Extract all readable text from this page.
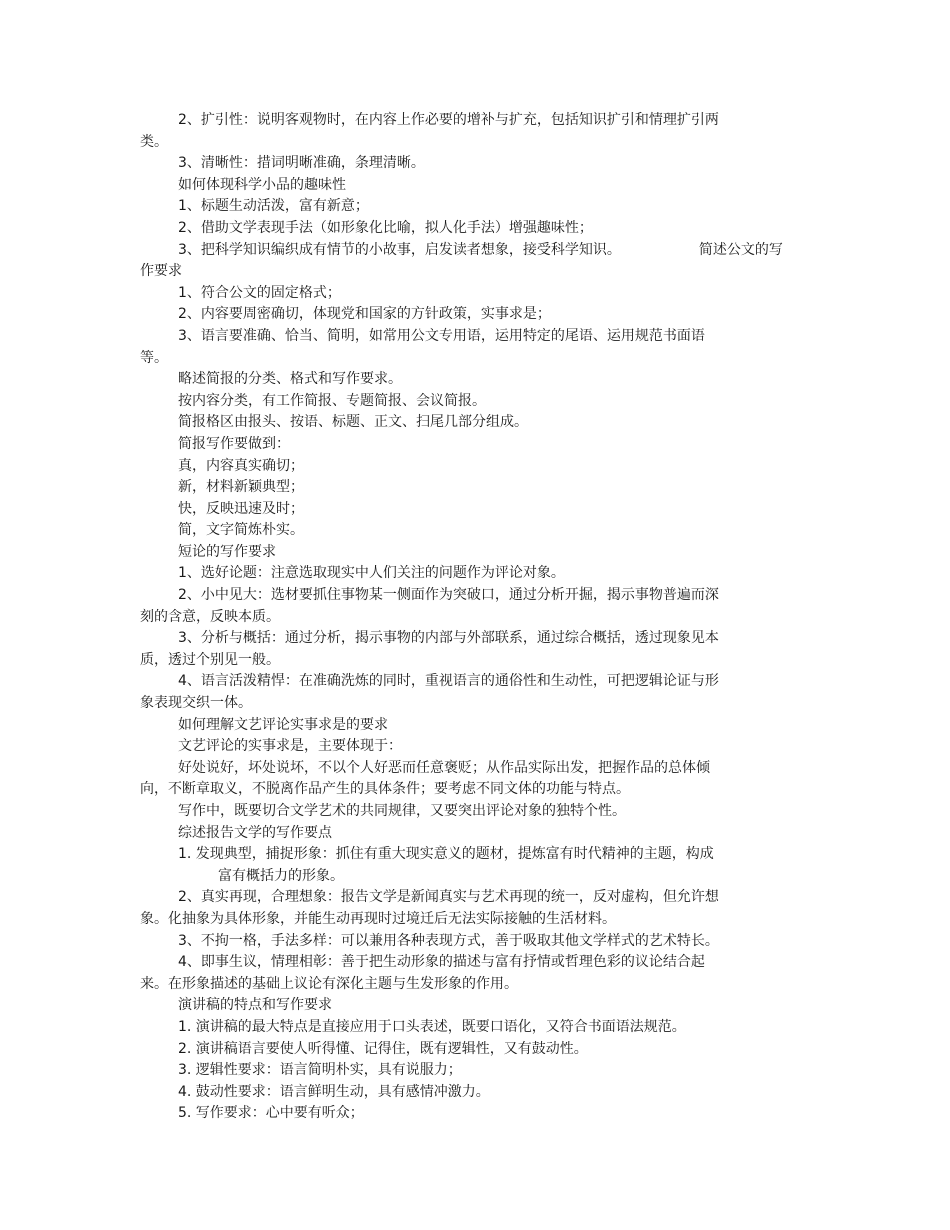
2、扩引性：说明客观物时，在内容上作必要的增补与扩充，包括知识扩引和情理扩引两

类。

3、清晰性：措词明晰准确，条理清晰。

如何体现科学小品的趣味性

1、标题生动活泼，富有新意；

2、借助文学表现手法（如形象化比喻，拟人化手法）增强趣味性；

3、把科学知识编织成有情节的小故事，启发读者想象，接受科学知识。	简述公文的写

作要求

1、符合公文的固定格式；

2、内容要周密确切，体现党和国家的方针政策，实事求是；

3、语言要准确、恰当、简明，如常用公文专用语，运用特定的尾语、运用规范书面语

等。

略述简报的分类、格式和写作要求。

按内容分类，有工作简报、专题简报、会议简报。

简报格区由报头、按语、标题、正文、扫尾几部分组成。

简报写作要做到：

真，内容真实确切；

新，材料新颖典型；

快，反映迅速及时；

简，文字简炼朴实。

短论的写作要求

1、选好论题：注意选取现实中人们关注的问题作为评论对象。

2、小中见大：选材要抓住事物某一侧面作为突破口，通过分析开掘，揭示事物普遍而深

刻的含意，反映本质。

3、分析与概括：通过分析，揭示事物的内部与外部联系，通过综合概括，透过现象见本

质，透过个别见一般。

4、语言活泼精悍：在准确洗炼的同时，重视语言的通俗性和生动性，可把逻辑论证与形

象表现交织一体。

如何理解文艺评论实事求是的要求

文艺评论的实事求是，主要体现于：

好处说好，坏处说坏，不以个人好恶而任意褒贬；从作品实际出发，把握作品的总体倾

向，不断章取义，不脱离作品产生的具体条件；要考虑不同文体的功能与特点。

写作中，既要切合文学艺术的共同规律，又要突出评论对象的独特个性。

综述报告文学的写作要点

1. 发现典型，捕捉形象：抓住有重大现实意义的题材，提炼富有时代精神的主题，构成

富有概括力的形象。

2、真实再现，合理想象：报告文学是新闻真实与艺术再现的统一，反对虚构，但允许想

象。化抽象为具体形象，并能生动再现时过境迁后无法实际接触的生活材料。

3、不拘一格，手法多样：可以兼用各种表现方式，善于吸取其他文学样式的艺术特长。

4、即事生议，情理相彰：善于把生动形象的描述与富有抒情或哲理色彩的议论结合起

来。在形象描述的基础上议论有深化主题与生发形象的作用。

演讲稿的特点和写作要求

1. 演讲稿的最大特点是直接应用于口头表述，既要口语化，又符合书面语法规范。

2. 演讲稿语言要使人听得懂、记得住，既有逻辑性，又有鼓动性。

3. 逻辑性要求：语言简明朴实，具有说服力；

4. 鼓动性要求：语言鲜明生动，具有感情冲激力。

5. 写作要求：心中要有听众；
